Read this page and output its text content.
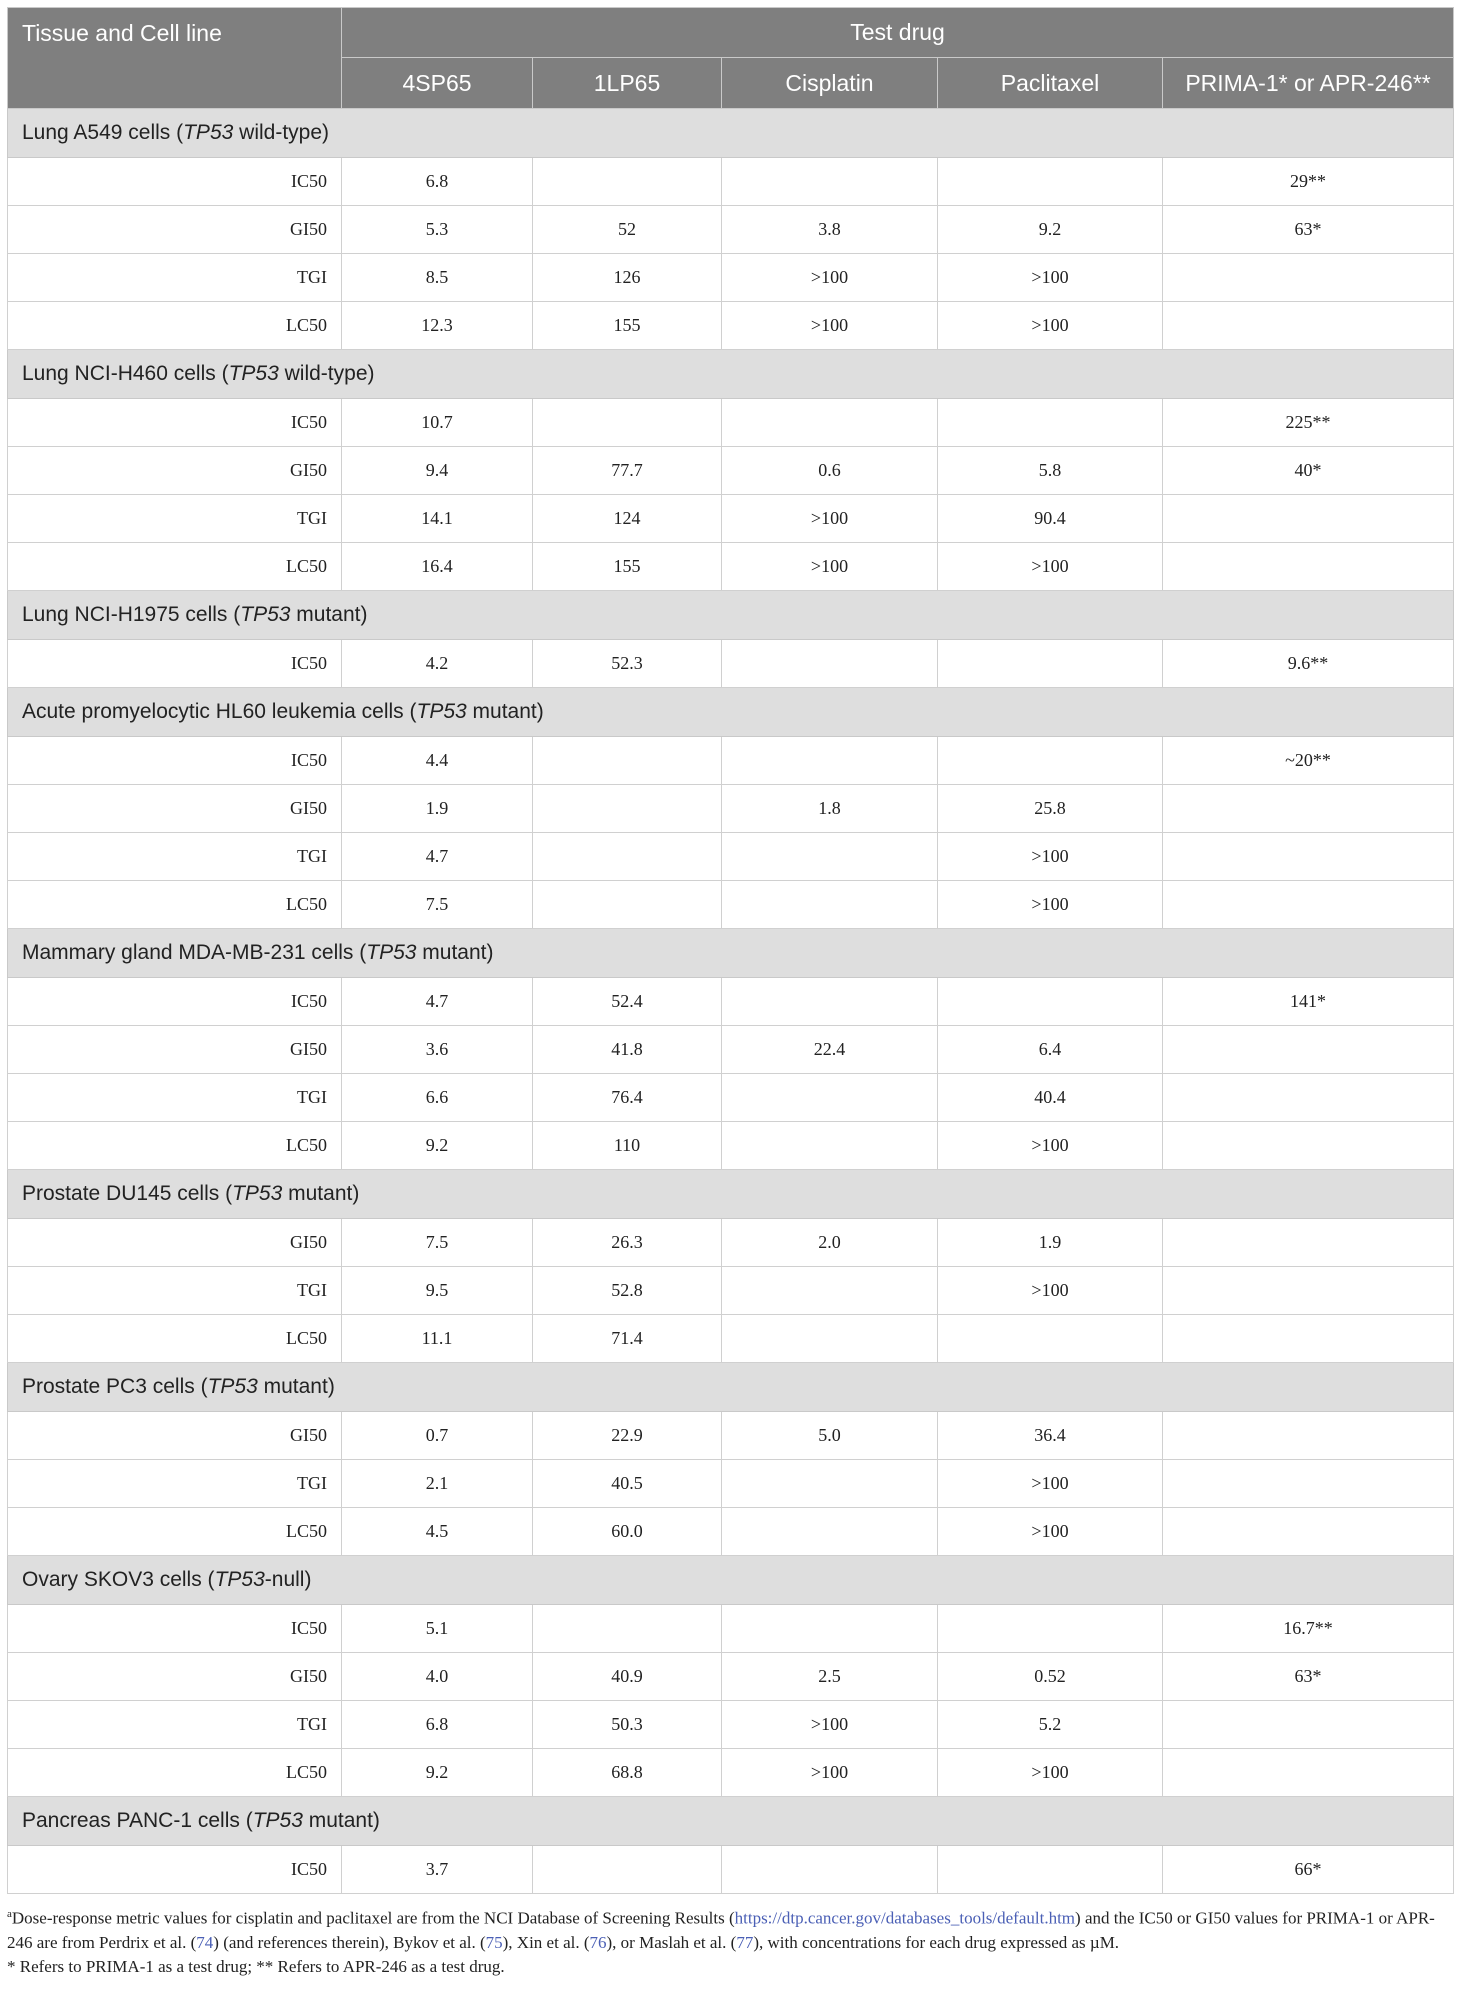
Tissue and Cell line	Test drug				
	4SP65	1LP65	Cisplatin	Paclitaxel	PRIMA-1* or APR-246**
Lung A549 cells (TP53 wild-type)					
IC50	6.8				29**
GI50	5.3	52	3.8	9.2	63*
TGI	8.5	126	>100	>100	
LC50	12.3	155	>100	>100	
Lung NCI-H460 cells (TP53 wild-type)					
IC50	10.7				225**
GI50	9.4	77.7	0.6	5.8	40*
TGI	14.1	124	>100	90.4	
LC50	16.4	155	>100	>100	
Lung NCI-H1975 cells (TP53 mutant)					
IC50	4.2	52.3			9.6**
Acute promyelocytic HL60 leukemia cells (TP53 mutant)					
IC50	4.4				~20**
GI50	1.9		1.8	25.8	
TGI	4.7			>100	
LC50	7.5			>100	
Mammary gland MDA-MB-231 cells (TP53 mutant)					
IC50	4.7	52.4			141*
GI50	3.6	41.8	22.4	6.4	
TGI	6.6	76.4		40.4	
LC50	9.2	110		>100	
Prostate DU145 cells (TP53 mutant)					
GI50	7.5	26.3	2.0	1.9	
TGI	9.5	52.8		>100	
LC50	11.1	71.4			
Prostate PC3 cells (TP53 mutant)					
GI50	0.7	22.9	5.0	36.4	
TGI	2.1	40.5		>100	
LC50	4.5	60.0		>100	
Ovary SKOV3 cells (TP53-null)					
IC50	5.1				16.7**
GI50	4.0	40.9	2.5	0.52	63*
TGI	6.8	50.3	>100	5.2	
LC50	9.2	68.8	>100	>100	
Pancreas PANC-1 cells (TP53 mutant)					
IC50	3.7				66*

$^a$Dose-response metric values for cisplatin and paclitaxel are from the NCI Database of Screening Results (https://dtp.cancer.gov/databases_tools/default.htm) and the IC50 or GI50 values for PRIMA-1 or APR-246 are from Perdrix et al. (74) (and references therein), Bykov et al. (75), Xin et al. (76), or Maslah et al. (77), with concentrations for each drug expressed as µM.

* Refers to PRIMA-1 as a test drug; ** Refers to APR-246 as a test drug.
